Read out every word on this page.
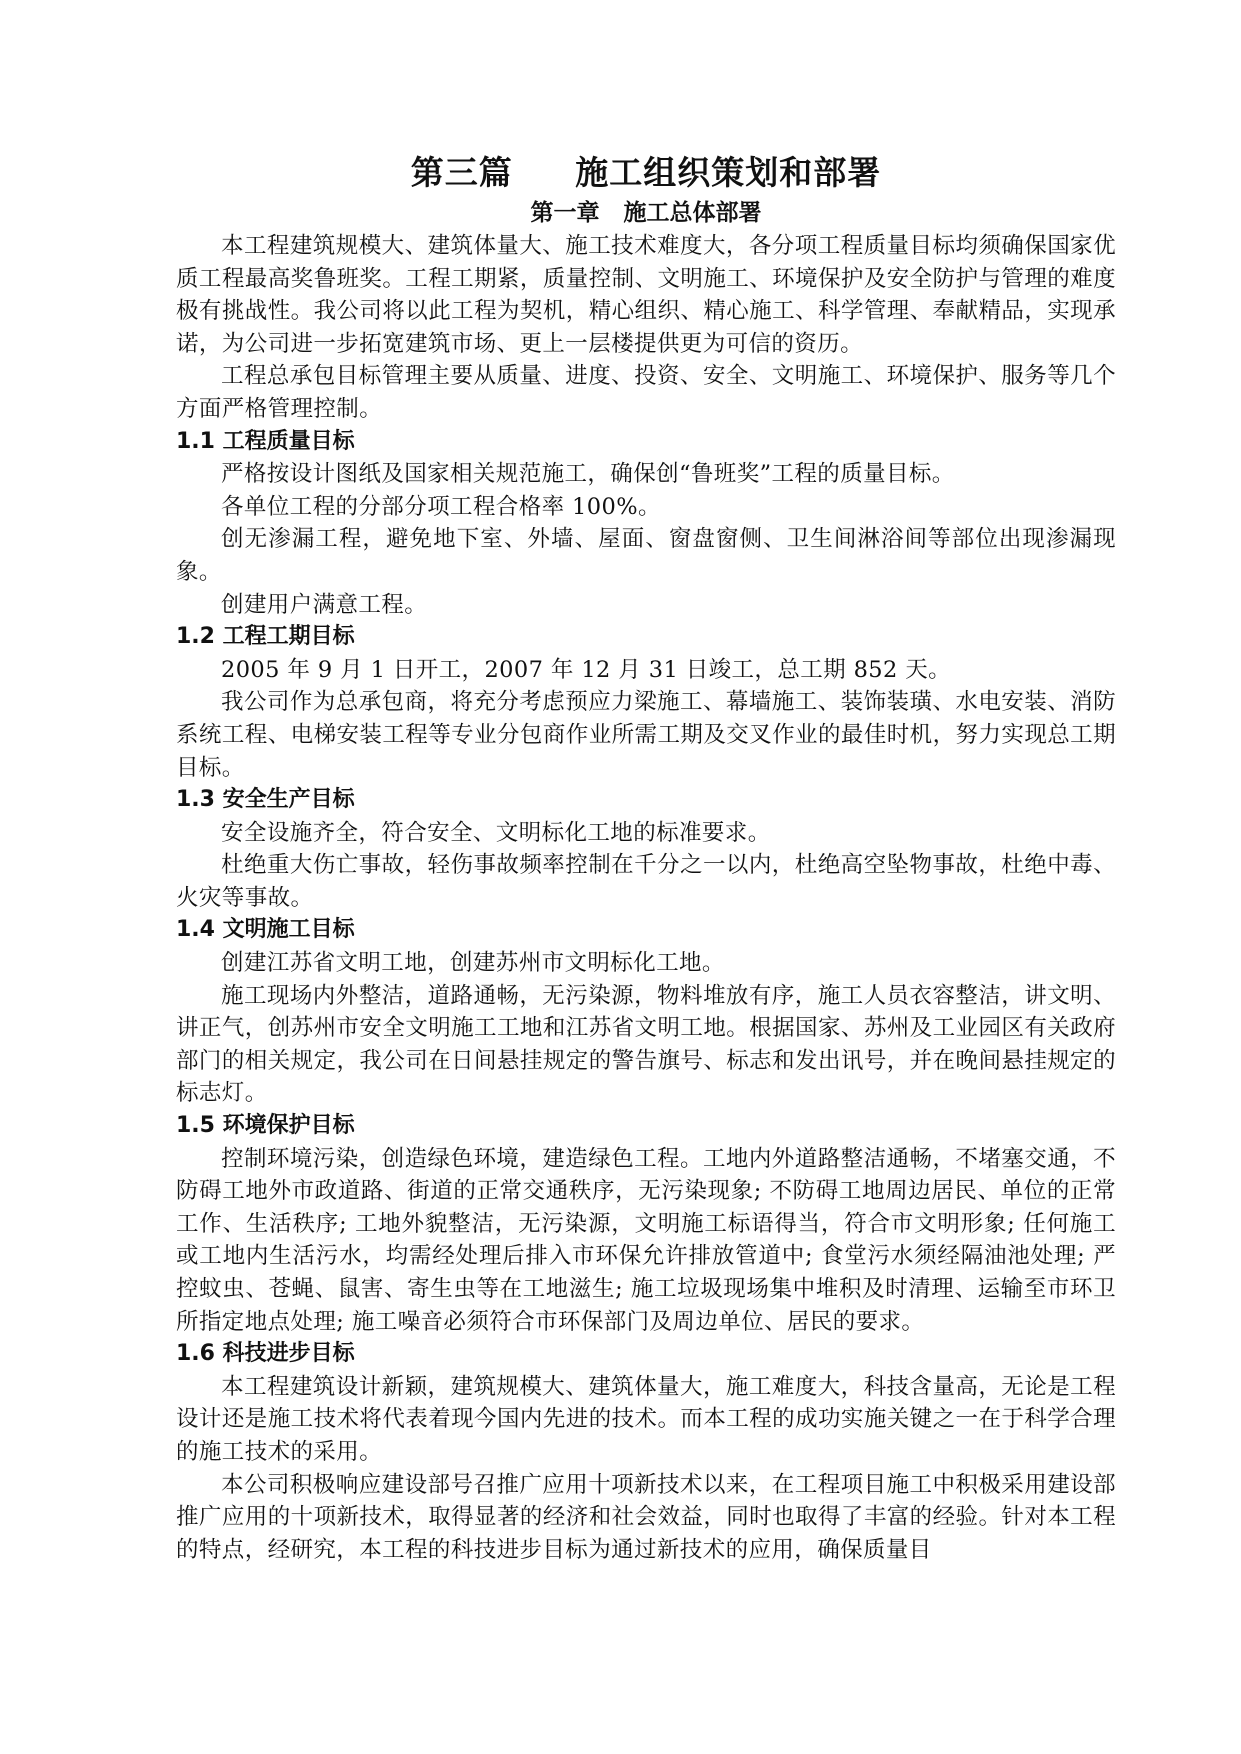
第三篇     施工组织策划和部署
第一章   施工总体部署

本工程建筑规模大、建筑体量大、施工技术难度大，各分项工程质量目标均须确保国家优质工程最高奖鲁班奖。工程工期紧，质量控制、文明施工、环境保护及安全防护与管理的难度极有挑战性。我公司将以此工程为契机，精心组织、精心施工、科学管理、奉献精品，实现承诺，为公司进一步拓宽建筑市场、更上一层楼提供更为可信的资历。

工程总承包目标管理主要从质量、进度、投资、安全、文明施工、环境保护、服务等几个方面严格管理控制。

1.1 工程质量目标

严格按设计图纸及国家相关规范施工，确保创“鲁班奖”工程的质量目标。

各单位工程的分部分项工程合格率 100%。

创无渗漏工程，避免地下室、外墙、屋面、窗盘窗侧、卫生间淋浴间等部位出现渗漏现象。

创建用户满意工程。

1.2 工程工期目标

2005 年 9 月 1 日开工，2007 年 12 月 31 日竣工，总工期 852 天。

我公司作为总承包商，将充分考虑预应力梁施工、幕墙施工、装饰装璜、水电安装、消防系统工程、电梯安装工程等专业分包商作业所需工期及交叉作业的最佳时机，努力实现总工期目标。

1.3 安全生产目标

安全设施齐全，符合安全、文明标化工地的标准要求。

杜绝重大伤亡事故，轻伤事故频率控制在千分之一以内，杜绝高空坠物事故，杜绝中毒、火灾等事故。

1.4 文明施工目标

创建江苏省文明工地，创建苏州市文明标化工地。

施工现场内外整洁，道路通畅，无污染源，物料堆放有序，施工人员衣容整洁，讲文明、讲正气，创苏州市安全文明施工工地和江苏省文明工地。根据国家、苏州及工业园区有关政府部门的相关规定，我公司在日间悬挂规定的警告旗号、标志和发出讯号，并在晚间悬挂规定的标志灯。

1.5 环境保护目标

控制环境污染，创造绿色环境，建造绿色工程。工地内外道路整洁通畅，不堵塞交通，不防碍工地外市政道路、街道的正常交通秩序，无污染现象; 不防碍工地周边居民、单位的正常工作、生活秩序; 工地外貌整洁，无污染源，文明施工标语得当，符合市文明形象; 任何施工或工地内生活污水，均需经处理后排入市环保允许排放管道中; 食堂污水须经隔油池处理; 严控蚊虫、苍蝇、鼠害、寄生虫等在工地滋生; 施工垃圾现场集中堆积及时清理、运输至市环卫所指定地点处理; 施工噪音必须符合市环保部门及周边单位、居民的要求。

1.6 科技进步目标

本工程建筑设计新颖，建筑规模大、建筑体量大，施工难度大，科技含量高，无论是工程设计还是施工技术将代表着现今国内先进的技术。而本工程的成功实施关键之一在于科学合理的施工技术的采用。

本公司积极响应建设部号召推广应用十项新技术以来，在工程项目施工中积极采用建设部推广应用的十项新技术，取得显著的经济和社会效益，同时也取得了丰富的经验。针对本工程的特点，经研究，本工程的科技进步目标为通过新技术的应用，确保质量目
